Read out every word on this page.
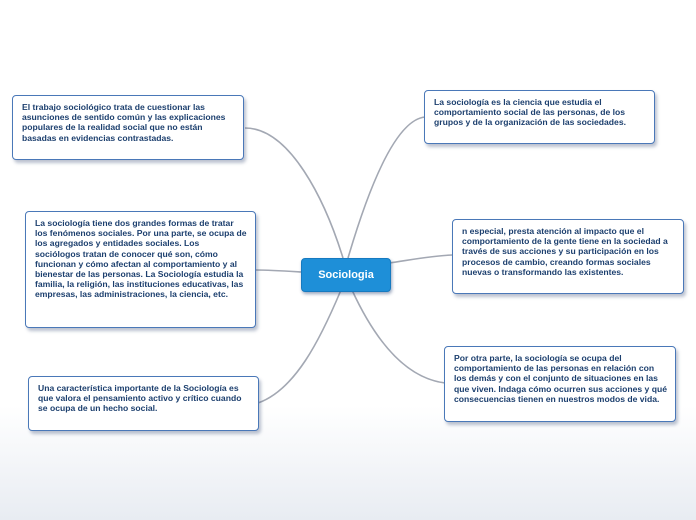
El trabajo sociológico trata de cuestionar las asunciones de sentido común y las explicaciones populares de la realidad social que no están basadas en evidencias contrastadas.
La sociología tiene dos grandes formas de tratar los fenómenos sociales. Por una parte, se ocupa de los agregados y entidades sociales. Los sociólogos tratan de conocer qué son, cómo funcionan y cómo afectan al comportamiento y al bienestar de las personas. La Sociología estudia la familia, la religión, las instituciones educativas, las empresas, las administraciones, la ciencia, etc.
Una característica importante de la Sociología es que valora el pensamiento activo y crítico cuando se ocupa de un hecho social.
La sociología es la ciencia que estudia el comportamiento social de las personas, de los grupos y de la organización de las sociedades.
n especial, presta atención al impacto que el comportamiento de la gente tiene en la sociedad a través de sus acciones y su participación en los procesos de cambio, creando formas sociales nuevas o transformando las existentes.
Por otra parte, la sociología se ocupa del comportamiento de las personas en relación con los demás y con el conjunto de situaciones en las que viven. Indaga cómo ocurren sus acciones y qué consecuencias tienen en nuestros modos de vida.
Sociologia
